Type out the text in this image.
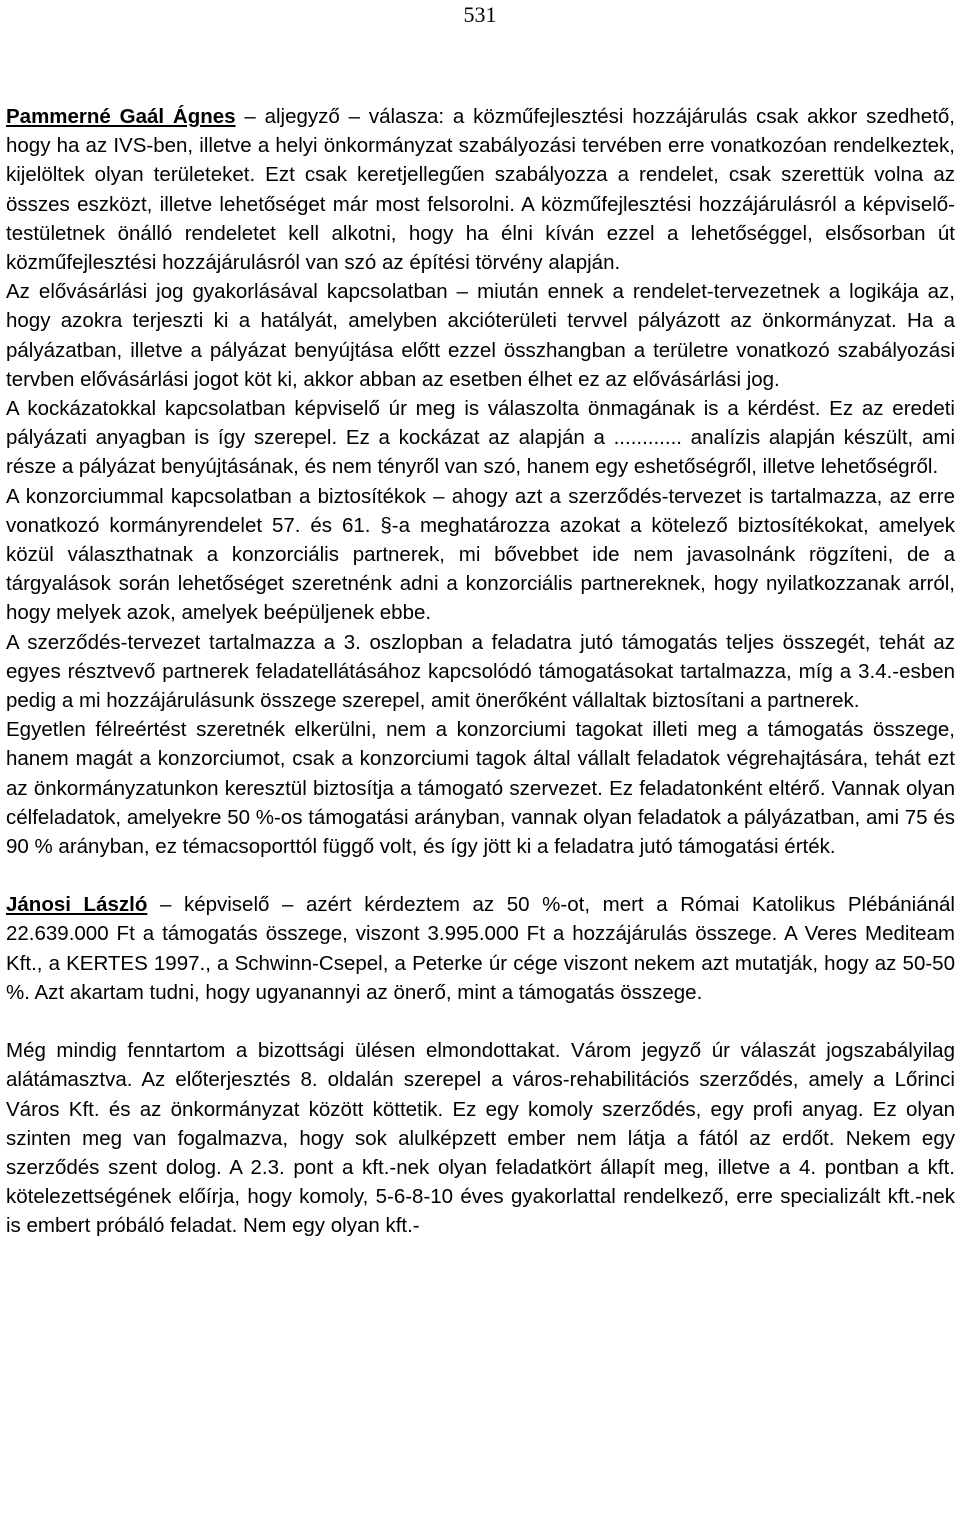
531

Pammerné Gaál Ágnes – aljegyző – válasza: a közműfejlesztési hozzájárulás csak akkor szedhető, hogy ha az IVS-ben, illetve a helyi önkormányzat szabályozási tervében erre vonatkozóan rendelkeztek, kijelöltek olyan területeket. Ezt csak keretjellegűen szabályozza a rendelet, csak szerettük volna az összes eszközt, illetve lehetőséget már most felsorolni. A közműfejlesztési hozzájárulásról a képviselő-testületnek önálló rendeletet kell alkotni, hogy ha élni kíván ezzel a lehetőséggel, elsősorban út közműfejlesztési hozzájárulásról van szó az építési törvény alapján.

Az elővásárlási jog gyakorlásával kapcsolatban – miután ennek a rendelet-tervezetnek a logikája az, hogy azokra terjeszti ki a hatályát, amelyben akcióterületi tervvel pályázott az önkormányzat. Ha a pályázatban, illetve a pályázat benyújtása előtt ezzel összhangban a területre vonatkozó szabályozási tervben elővásárlási jogot köt ki, akkor abban az esetben élhet ez az elővásárlási jog.

A kockázatokkal kapcsolatban képviselő úr meg is válaszolta önmagának is a kérdést. Ez az eredeti pályázati anyagban is így szerepel. Ez a kockázat az alapján a ............ analízis alapján készült, ami része a pályázat benyújtásának, és nem tényről van szó, hanem egy eshetőségről, illetve lehetőségről.

A konzorciummal kapcsolatban a biztosítékok – ahogy azt a szerződés-tervezet is tartalmazza, az erre vonatkozó kormányrendelet 57. és 61. §-a meghatározza azokat a kötelező biztosítékokat, amelyek közül választhatnak a konzorciális partnerek, mi bővebbet ide nem javasolnánk rögzíteni, de a tárgyalások során lehetőséget szeretnénk adni a konzorciális partnereknek, hogy nyilatkozzanak arról, hogy melyek azok, amelyek beépüljenek ebbe.

A szerződés-tervezet tartalmazza a 3. oszlopban a feladatra jutó támogatás teljes összegét, tehát az egyes résztvevő partnerek feladatellátásához kapcsolódó támogatásokat tartalmazza, míg a 3.4.-esben pedig a mi hozzájárulásunk összege szerepel, amit önerőként vállaltak biztosítani a partnerek.

Egyetlen félreértést szeretnék elkerülni, nem a konzorciumi tagokat illeti meg a támogatás összege, hanem magát a konzorciumot, csak a konzorciumi tagok által vállalt feladatok végrehajtására, tehát ezt az önkormányzatunkon keresztül biztosítja a támogató szervezet. Ez feladatonként eltérő. Vannak olyan célfeladatok, amelyekre 50 %-os támogatási arányban, vannak olyan feladatok a pályázatban, ami 75 és 90 % arányban, ez témacsoporttól függő volt, és így jött ki a feladatra jutó támogatási érték.

Jánosi László – képviselő – azért kérdeztem az 50 %-ot, mert a Római Katolikus Plébániánál 22.639.000 Ft a támogatás összege, viszont 3.995.000 Ft a hozzájárulás összege. A Veres Mediteam Kft., a KERTES 1997., a Schwinn-Csepel, a Peterke úr cége viszont nekem azt mutatják, hogy az 50-50 %. Azt akartam tudni, hogy ugyanannyi az önerő, mint a támogatás összege.

Még mindig fenntartom a bizottsági ülésen elmondottakat. Várom jegyző úr válaszát jogszabályilag alátámasztva. Az előterjesztés 8. oldalán szerepel a város-rehabilitációs szerződés, amely a Lőrinci Város Kft. és az önkormányzat között köttetik. Ez egy komoly szerződés, egy profi anyag. Ez olyan szinten meg van fogalmazva, hogy sok alulképzett ember nem látja a fától az erdőt. Nekem egy szerződés szent dolog. A 2.3. pont a kft.-nek olyan feladatkört állapít meg, illetve a 4. pontban a kft. kötelezettségének előírja, hogy komoly, 5-6-8-10 éves gyakorlattal rendelkező, erre specializált kft.-nek is embert próbáló feladat. Nem egy olyan kft.-
